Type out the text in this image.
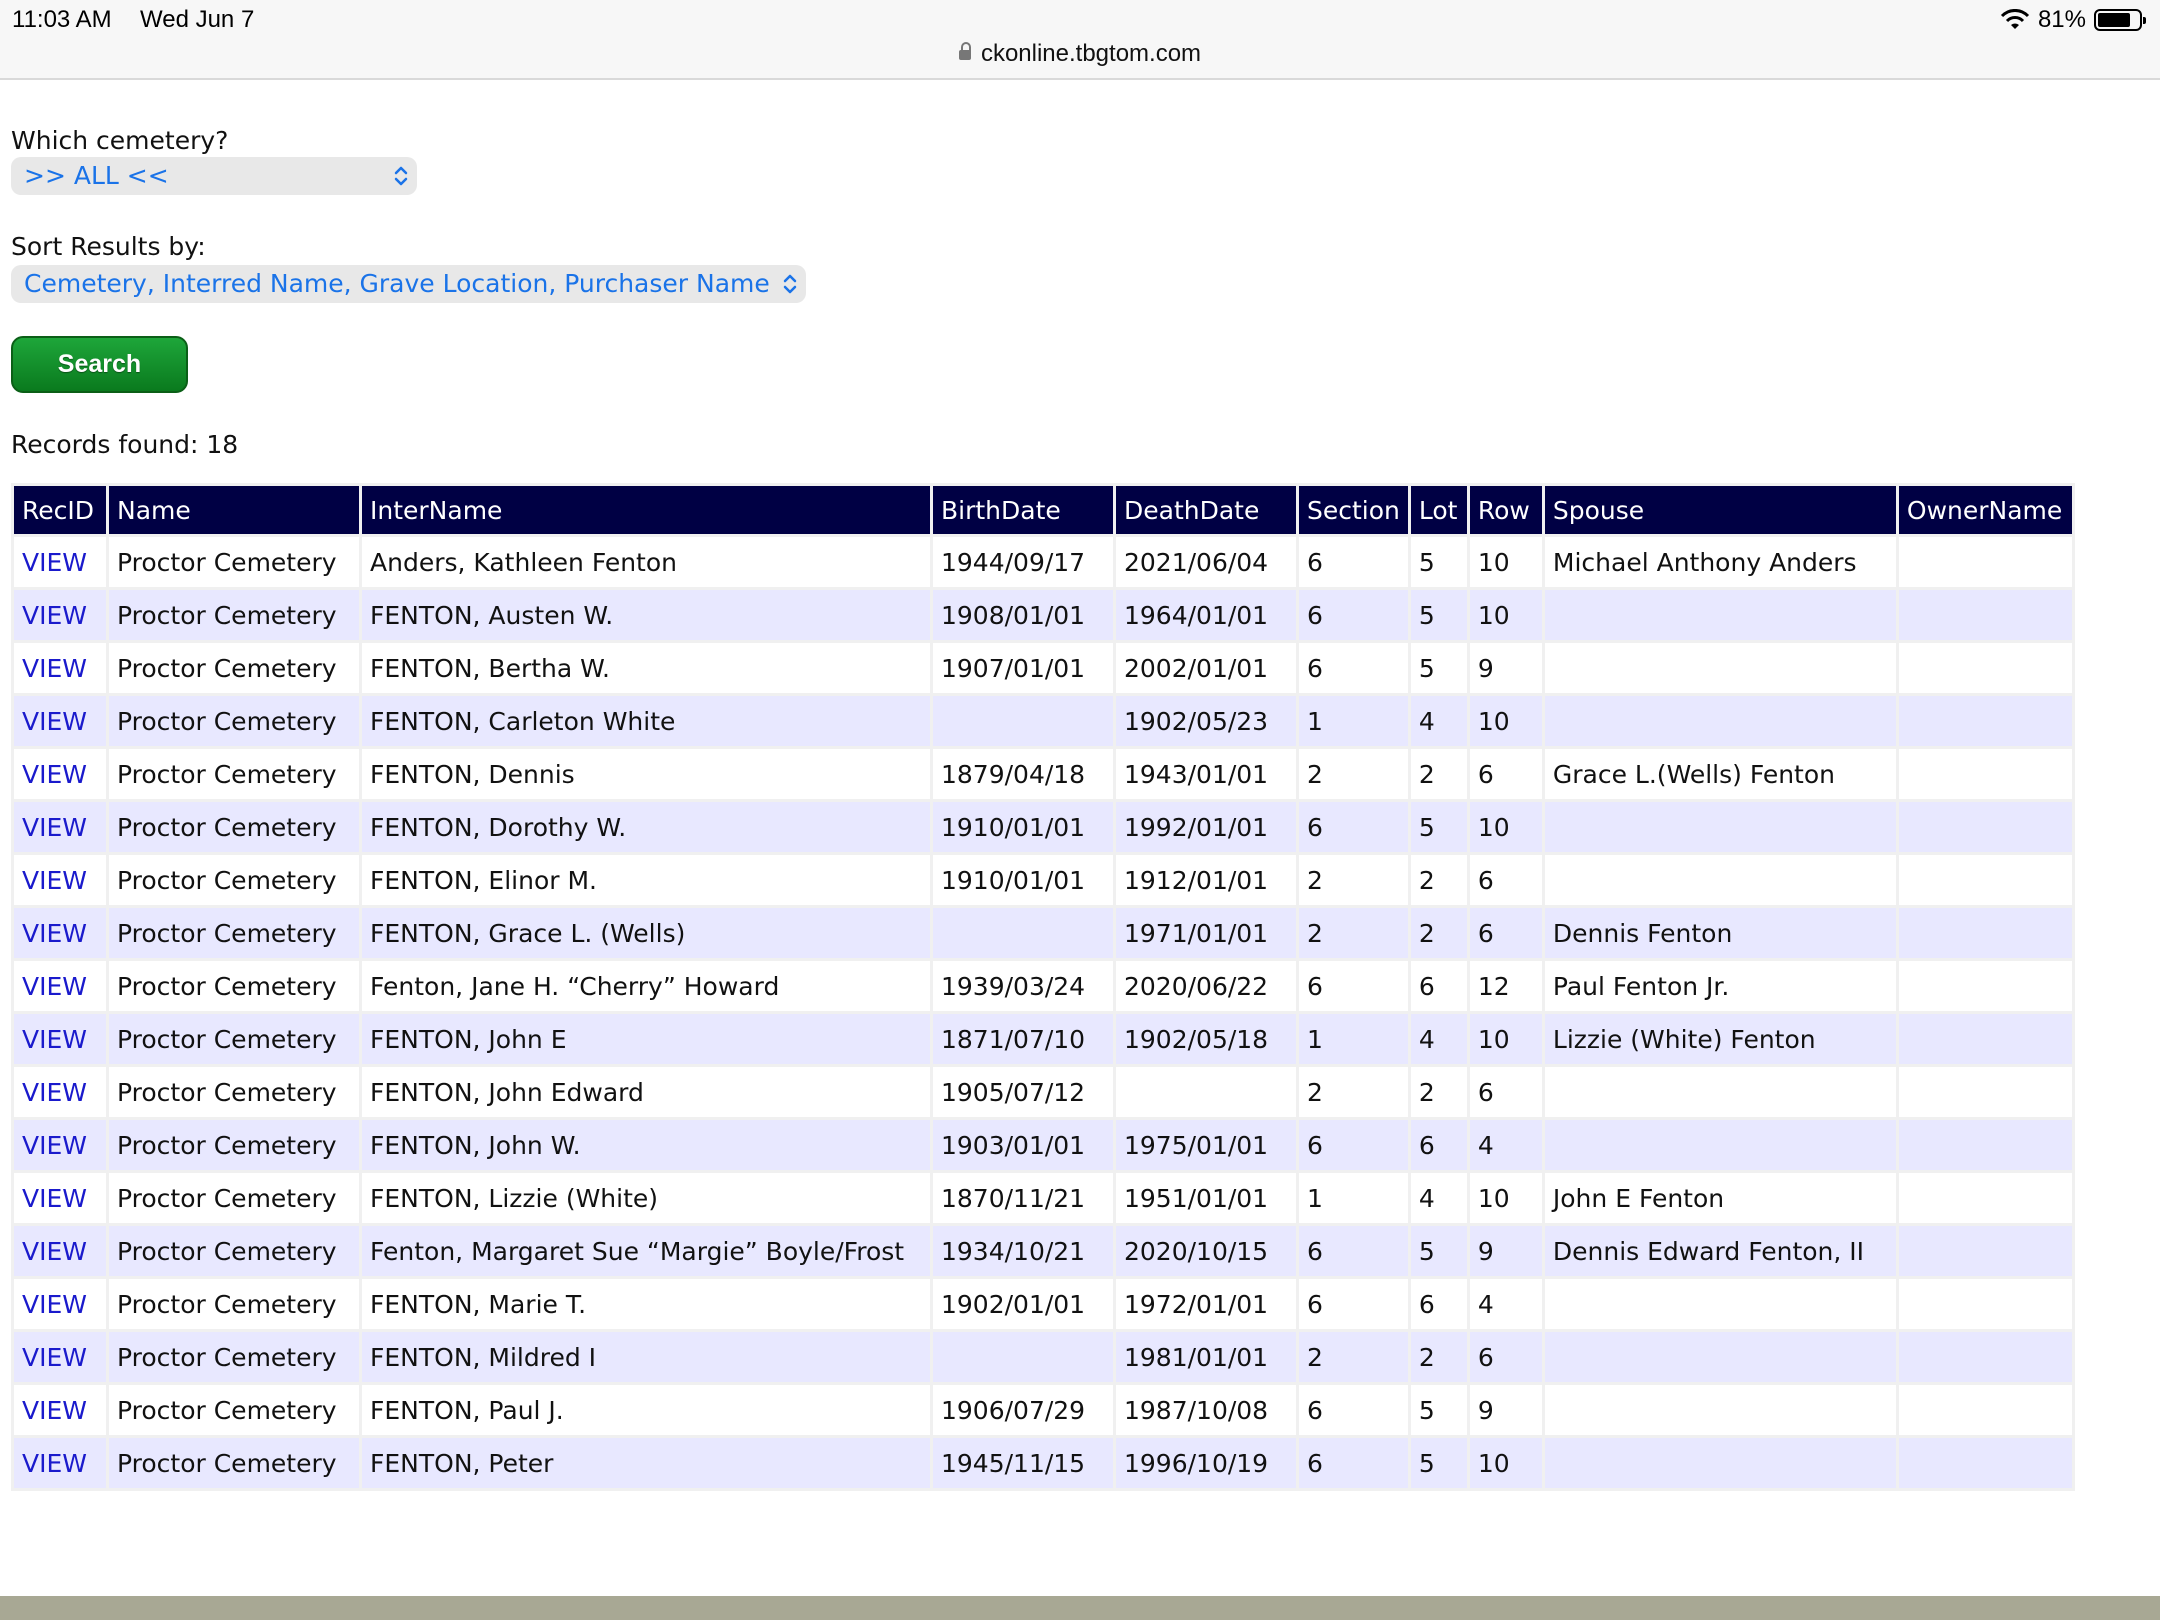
11:03 AM Wed Jun 7	81%
ckonline.tbgtom.com
Which cemetery?
>> ALL <<
Sort Results by:
Cemetery, Interred Name, Grave Location, Purchaser Name
Search
Records found: 18
RecID	Name	InterName	BirthDate	DeathDate	Section	Lot	Row	Spouse	OwnerName
VIEW	Proctor Cemetery	Anders, Kathleen Fenton	1944/09/17	2021/06/04	6	5	10	Michael Anthony Anders	
VIEW	Proctor Cemetery	FENTON, Austen W.	1908/01/01	1964/01/01	6	5	10		
VIEW	Proctor Cemetery	FENTON, Bertha W.	1907/01/01	2002/01/01	6	5	9		
VIEW	Proctor Cemetery	FENTON, Carleton White		1902/05/23	1	4	10		
VIEW	Proctor Cemetery	FENTON, Dennis	1879/04/18	1943/01/01	2	2	6	Grace L.(Wells) Fenton	
VIEW	Proctor Cemetery	FENTON, Dorothy W.	1910/01/01	1992/01/01	6	5	10		
VIEW	Proctor Cemetery	FENTON, Elinor M.	1910/01/01	1912/01/01	2	2	6		
VIEW	Proctor Cemetery	FENTON, Grace L. (Wells)		1971/01/01	2	2	6	Dennis Fenton	
VIEW	Proctor Cemetery	Fenton, Jane H. “Cherry” Howard	1939/03/24	2020/06/22	6	6	12	Paul Fenton Jr.	
VIEW	Proctor Cemetery	FENTON, John E	1871/07/10	1902/05/18	1	4	10	Lizzie (White) Fenton	
VIEW	Proctor Cemetery	FENTON, John Edward	1905/07/12		2	2	6		
VIEW	Proctor Cemetery	FENTON, John W.	1903/01/01	1975/01/01	6	6	4		
VIEW	Proctor Cemetery	FENTON, Lizzie (White)	1870/11/21	1951/01/01	1	4	10	John E Fenton	
VIEW	Proctor Cemetery	Fenton, Margaret Sue “Margie” Boyle/Frost	1934/10/21	2020/10/15	6	5	9	Dennis Edward Fenton, II	
VIEW	Proctor Cemetery	FENTON, Marie T.	1902/01/01	1972/01/01	6	6	4		
VIEW	Proctor Cemetery	FENTON, Mildred I		1981/01/01	2	2	6		
VIEW	Proctor Cemetery	FENTON, Paul J.	1906/07/29	1987/10/08	6	5	9		
VIEW	Proctor Cemetery	FENTON, Peter	1945/11/15	1996/10/19	6	5	10		
